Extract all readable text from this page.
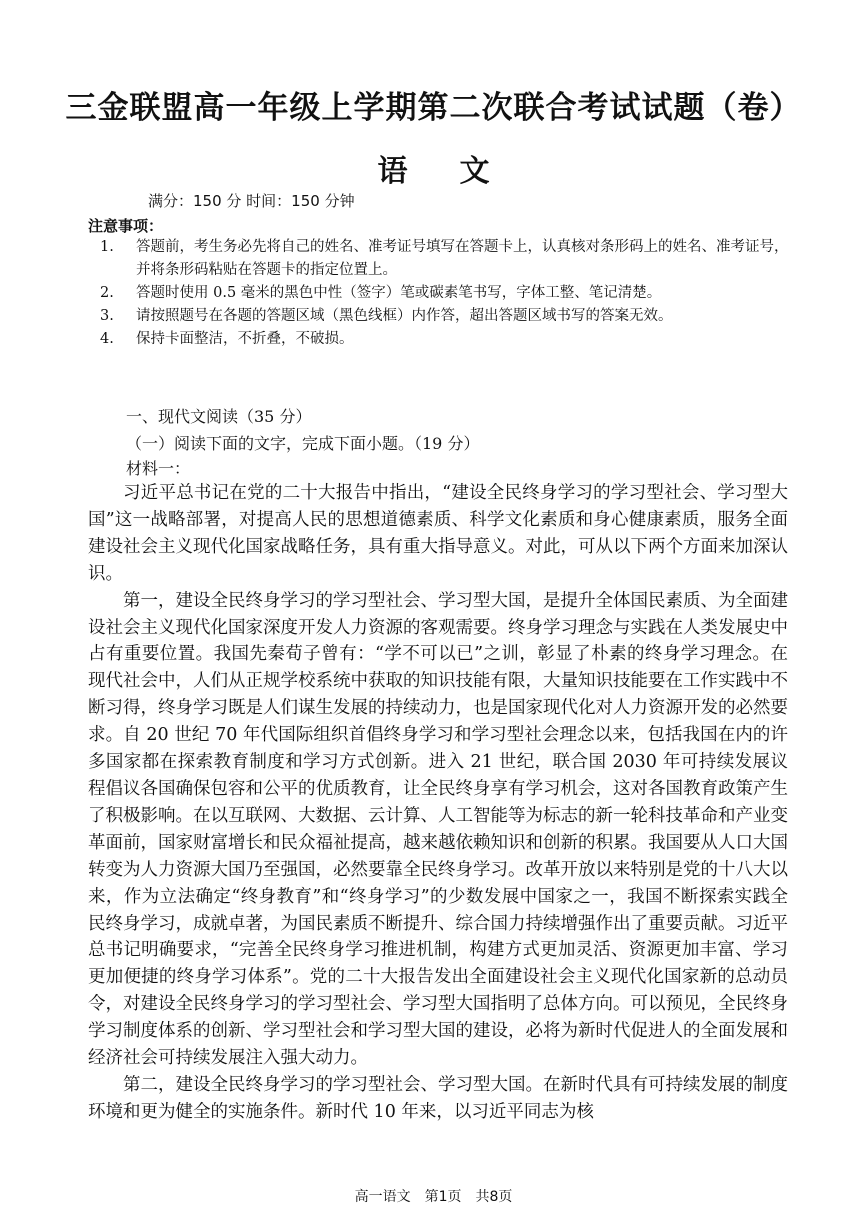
三金联盟高一年级上学期第二次联合考试试题（卷）
语 文
满分：150 分 时间：150 分钟
注意事项：
1.	答题前，考生务必先将自己的姓名、准考证号填写在答题卡上，认真核对条形码上的姓名、准考证号，并将条形码粘贴在答题卡的指定位置上。
2.	答题时使用 0.5 毫米的黑色中性（签字）笔或碳素笔书写，字体工整、笔记清楚。
3.	请按照题号在各题的答题区域（黑色线框）内作答，超出答题区域书写的答案无效。
4.	保持卡面整洁，不折叠，不破损。
一、现代文阅读（35 分）
（一）阅读下面的文字，完成下面小题。（19 分）
材料一：

习近平总书记在党的二十大报告中指出，“建设全民终身学习的学习型社会、学习型大国”这一战略部署，对提高人民的思想道德素质、科学文化素质和身心健康素质，服务全面建设社会主义现代化国家战略任务，具有重大指导意义。对此，可从以下两个方面来加深认识。

第一，建设全民终身学习的学习型社会、学习型大国，是提升全体国民素质、为全面建设社会主义现代化国家深度开发人力资源的客观需要。终身学习理念与实践在人类发展史中占有重要位置。我国先秦荀子曾有：“学不可以已”之训，彰显了朴素的终身学习理念。在现代社会中，人们从正规学校系统中获取的知识技能有限，大量知识技能要在工作实践中不断习得，终身学习既是人们谋生发展的持续动力，也是国家现代化对人力资源开发的必然要求。自 20 世纪 70 年代国际组织首倡终身学习和学习型社会理念以来，包括我国在内的许多国家都在探索教育制度和学习方式创新。进入 21 世纪，联合国 2030 年可持续发展议程倡议各国确保包容和公平的优质教育，让全民终身享有学习机会，这对各国教育政策产生了积极影响。在以互联网、大数据、云计算、人工智能等为标志的新一轮科技革命和产业变革面前，国家财富增长和民众福祉提高，越来越依赖知识和创新的积累。我国要从人口大国转变为人力资源大国乃至强国，必然要靠全民终身学习。改革开放以来特别是党的十八大以来，作为立法确定“终身教育”和“终身学习”的少数发展中国家之一，我国不断探索实践全民终身学习，成就卓著，为国民素质不断提升、综合国力持续增强作出了重要贡献。习近平总书记明确要求，“完善全民终身学习推进机制，构建方式更加灵活、资源更加丰富、学习更加便捷的终身学习体系”。党的二十大报告发出全面建设社会主义现代化国家新的总动员令，对建设全民终身学习的学习型社会、学习型大国指明了总体方向。可以预见，全民终身学习制度体系的创新、学习型社会和学习型大国的建设，必将为新时代促进人的全面发展和经济社会可持续发展注入强大动力。

第二，建设全民终身学习的学习型社会、学习型大国。在新时代具有可持续发展的制度环境和更为健全的实施条件。新时代 10 年来，以习近平同志为核

高一语文　第1页　共8页
